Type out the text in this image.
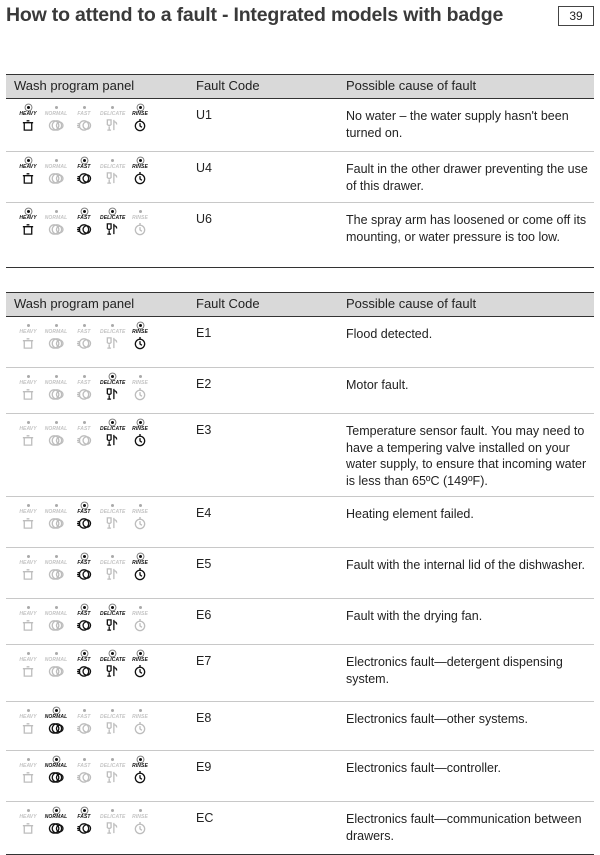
How to attend to a fault - Integrated models with badge	39
Wash program panel	Fault Code	Possible cause of fault
HEAVY	NORMAL	FAST	DELICATE	RINSE	U1	No water – the water supply hasn't been turned on.
HEAVY	NORMAL	FAST	DELICATE	RINSE	U4	Fault in the other drawer preventing the use of this drawer.
HEAVY	NORMAL	FAST	DELICATE	RINSE	U6	The spray arm has loosened or come off its mounting, or water pressure is too low.
Wash program panel	Fault Code	Possible cause of fault
HEAVY	NORMAL	FAST	DELICATE	RINSE	E1	Flood detected.
HEAVY	NORMAL	FAST	DELICATE	RINSE	E2	Motor fault.
HEAVY	NORMAL	FAST	DELICATE	RINSE	E3	Temperature sensor fault. You may need to have a tempering valve installed on your water supply, to ensure that incoming water is less than 65ºC (149ºF).
HEAVY	NORMAL	FAST	DELICATE	RINSE	E4	Heating element failed.
HEAVY	NORMAL	FAST	DELICATE	RINSE	E5	Fault with the internal lid of the dishwasher.
HEAVY	NORMAL	FAST	DELICATE	RINSE	E6	Fault with the drying fan.
HEAVY	NORMAL	FAST	DELICATE	RINSE	E7	Electronics fault—detergent dispensing system.
HEAVY	NORMAL	FAST	DELICATE	RINSE	E8	Electronics fault—other systems.
HEAVY	NORMAL	FAST	DELICATE	RINSE	E9	Electronics fault—controller.
HEAVY	NORMAL	FAST	DELICATE	RINSE	EC	Electronics fault—communication between drawers.
